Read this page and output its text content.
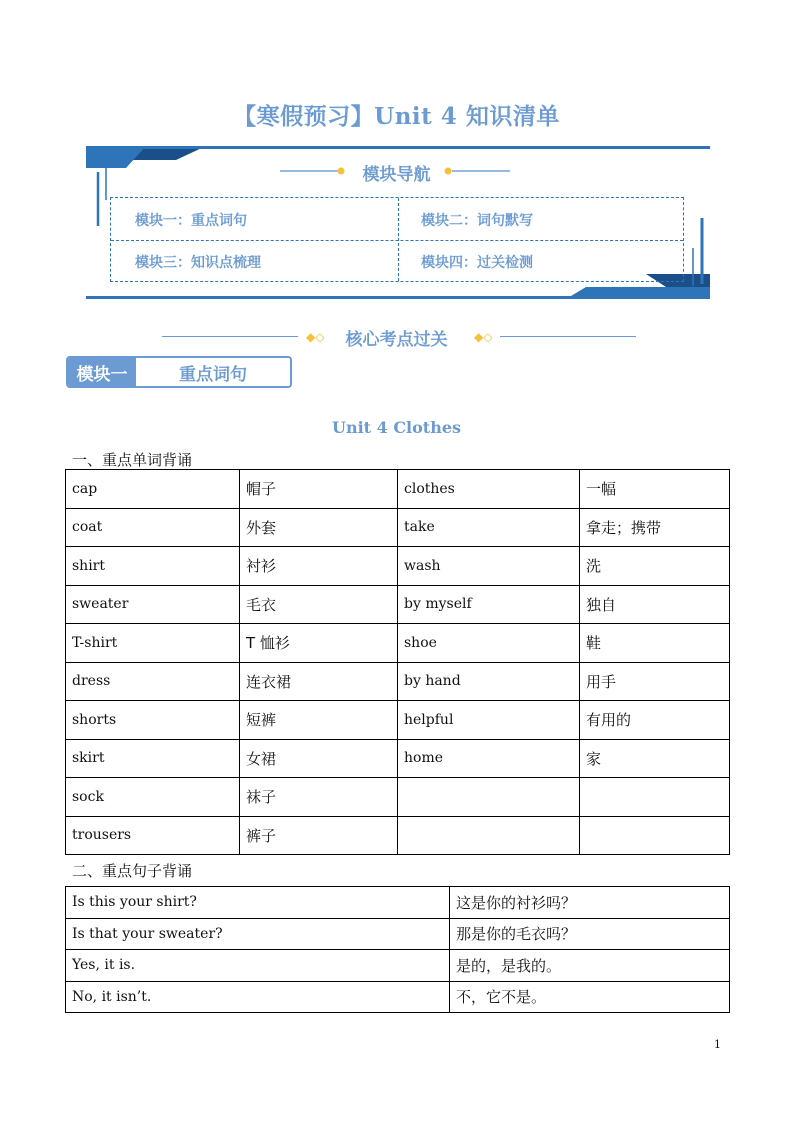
【寒假预习】Unit 4 知识清单
模块导航
模块一：重点词句	模块二：词句默写
模块三：知识点梳理	模块四：过关检测
◆◇	核心考点过关	◆◇
模块一	重点词句
Unit 4 Clothes
一、重点单词背诵
cap	帽子	clothes	一幅
coat	外套	take	拿走；携带
shirt	衬衫	wash	洗
sweater	毛衣	by myself	独自
T-shirt	T 恤衫	shoe	鞋
dress	连衣裙	by hand	用手
shorts	短裤	helpful	有用的
skirt	女裙	home	家
sock	袜子		
trousers	裤子		
二、重点句子背诵
Is this your shirt?	这是你的衬衫吗？
Is that your sweater?	那是你的毛衣吗？
Yes, it is.	是的，是我的。
No, it isn’t.	不，它不是。
1
